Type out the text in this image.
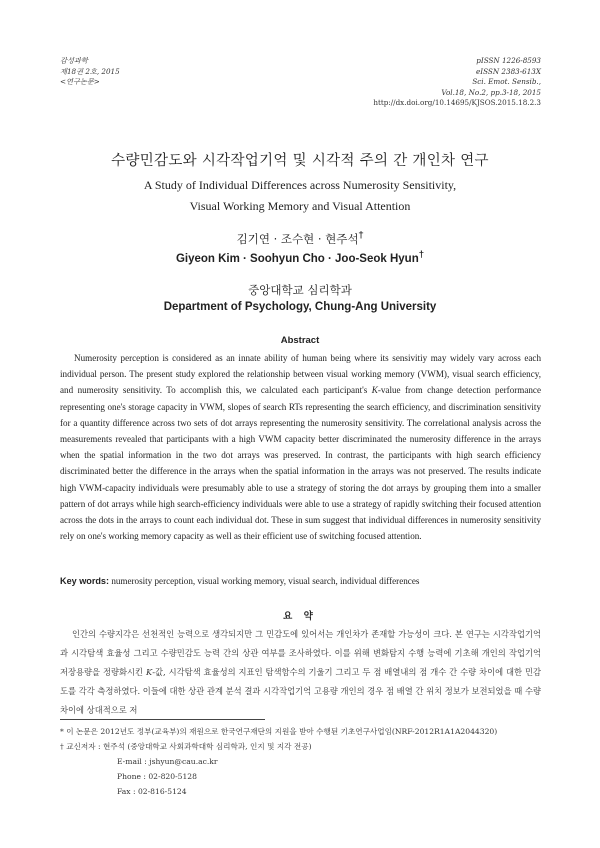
감성과학
제18권 2호, 2015
<연구논문>
pISSN 1226-8593
eISSN 2383-613X
Sci. Emot. Sensib.,
Vol.18, No.2, pp.3-18, 2015
http://dx.doi.org/10.14695/KJSOS.2015.18.2.3
수량민감도와 시각작업기억 및 시각적 주의 간 개인차 연구
A Study of Individual Differences across Numerosity Sensitivity,
Visual Working Memory and Visual Attention
김기연 · 조수현 · 현주석†
Giyeon Kim · Soohyun Cho · Joo-Seok Hyun†
중앙대학교 심리학과
Department of Psychology, Chung-Ang University
Abstract

Numerosity perception is considered as an innate ability of human being where its sensivitiy may widely vary across each individual person. The present study explored the relationship between visual working memory (VWM), visual search efficiency, and numerosity sensitivity. To accomplish this, we calculated each participant's K-value from change detection performance representing one's storage capacity in VWM, slopes of search RTs representing the search efficiency, and discrimination sensitivity for a quantity difference across two sets of dot arrays representing the numerosity sensitivity. The correlational analysis across the measurements revealed that participants with a high VWM capacity better discriminated the numerosity difference in the arrays when the spatial information in the two dot arrays was preserved. In contrast, the participants with high search efficiency discriminated better the difference in the arrays when the spatial information in the arrays was not preserved. The results indicate high VWM-capacity individuals were presumably able to use a strategy of storing the dot arrays by grouping them into a smaller pattern of dot arrays while high search-efficiency individuals were able to use a strategy of rapidly switching their focused attention across the dots in the arrays to count each individual dot. These in sum suggest that individual differences in numerosity sensitivity rely on one's working memory capacity as well as their efficient use of switching focused attention.

Key words: numerosity perception, visual working memory, visual search, individual differences

요 약

인간의 수량지각은 선천적인 능력으로 생각되지만 그 민감도에 있어서는 개인차가 존재할 가능성이 크다. 본 연구는 시각작업기억과 시각탐색 효율성 그리고 수량민감도 능력 간의 상관 여부를 조사하였다. 이를 위해 변화탐지 수행 능력에 기초해 개인의 작업기억 저장용량을 정량화시킨 K-값, 시각탐색 효율성의 지표인 탐색함수의 기울기 그리고 두 점 배열내의 점 개수 간 수량 차이에 대한 민감도를 각각 측정하였다. 이들에 대한 상관 관계 분석 결과 시각작업기억 고용량 개인의 경우 점 배열 간 위치 정보가 보전되었을 때 수량 차이에 상대적으로 저

* 이 논문은 2012년도 정부(교육부)의 재원으로 한국연구재단의 지원을 받아 수행된 기초연구사업임(NRF-2012R1A1A2044320)
† 교신저자 : 현주석 (중앙대학교 사회과학대학 심리학과, 인지 및 지각 전공)
E-mail : jshyun@cau.ac.kr
Phone : 02-820-5128
Fax : 02-816-5124
